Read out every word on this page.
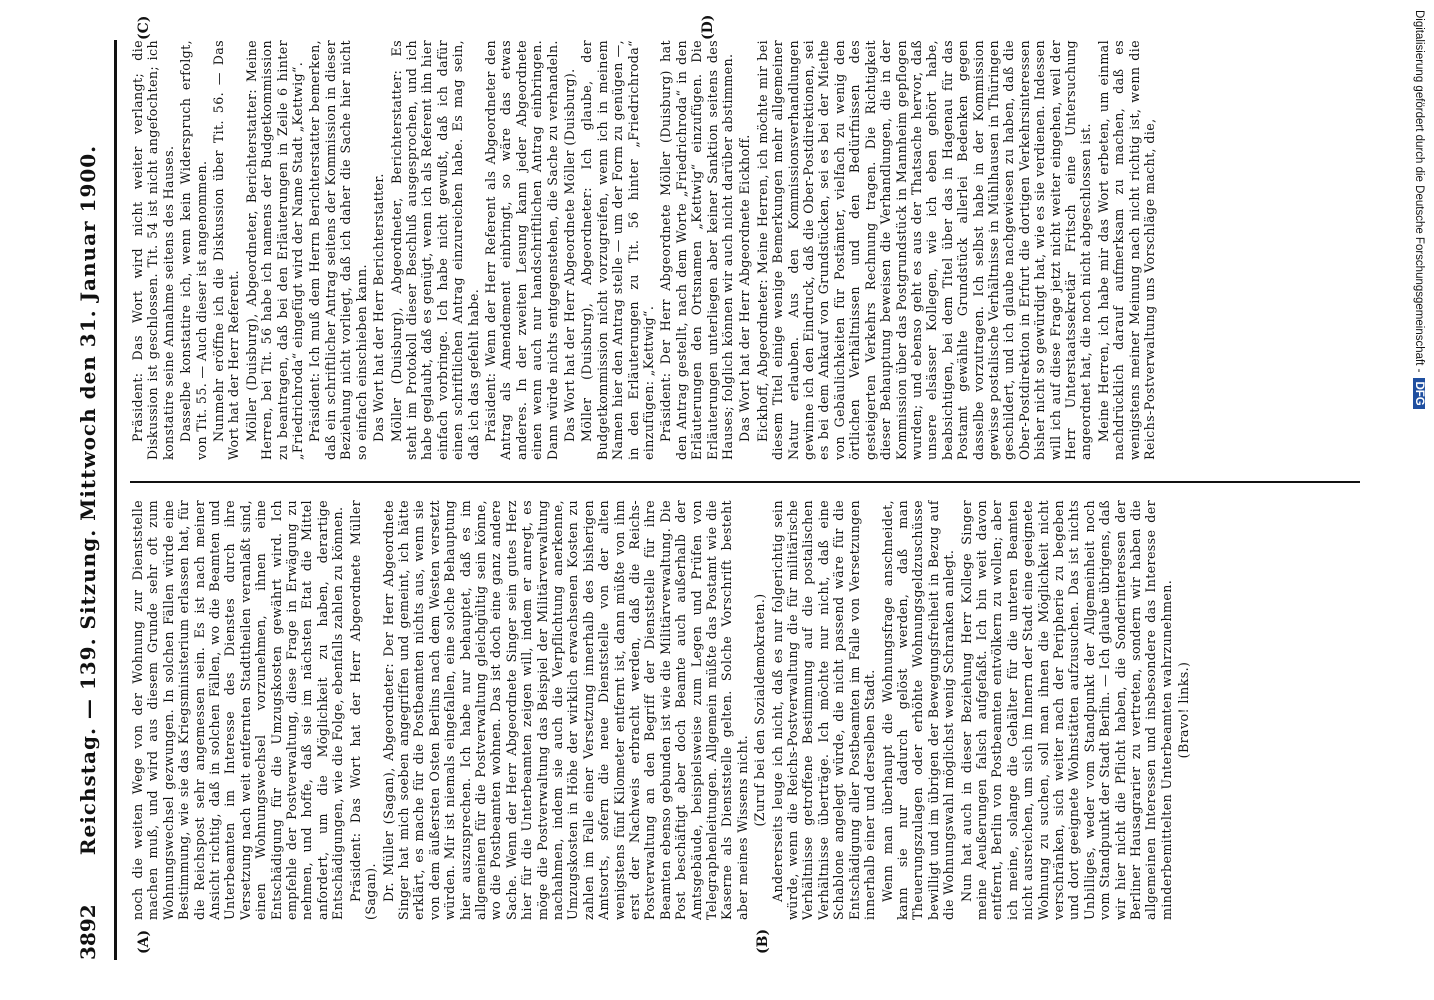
3892
Reichstag. — 139. Sitzung. Mittwoch den 31. Januar 1900.
(A)	(B)
(C)	(D)

noch die weiten Wege von der Wohnung zur Dienststelle machen muß, und wird aus diesem Grunde sehr oft zum Wohnungswechsel gezwungen. In solchen Fällen würde eine Bestimmung, wie sie das Kriegsministerium erlassen hat, für die Reichspost sehr angemessen sein. Es ist nach meiner Ansicht richtig, daß in solchen Fällen, wo die Beamten und Unterbeamten im Interesse des Dienstes durch ihre Versetzung nach weit entfernten Stadttheilen veranlaßt sind, einen Wohnungswechsel vorzunehmen, ihnen eine Entschädigung für die Umzugskosten gewährt wird. Ich empfehle der Postverwaltung, diese Frage in Erwägung zu nehmen, und hoffe, daß sie im nächsten Etat die Mittel anfordert, um die Möglichkeit zu haben, derartige Entschädigungen, wie die Folge, ebenfalls zahlen zu können. Präsident: Das Wort hat der Herr Abgeordnete Müller (Sagan). Dr. Müller (Sagan), Abgeordneter: Der Herr Abgeordnete Singer hat mich soeben angegriffen und gemeint, ich hätte erklärt, es mache für die Postbeamten nichts aus, wenn sie von dem äußersten Osten Berlins nach dem Westen versetzt würden. Mir ist niemals eingefallen, eine solche Behauptung hier auszusprechen. Ich habe nur behauptet, daß es im allgemeinen für die Postverwaltung gleichgültig sein könne, wo die Postbeamten wohnen. Das ist doch eine ganz andere Sache. Wenn der Herr Abgeordnete Singer sein gutes Herz hier für die Unterbeamten zeigen will, indem er anregt, es möge die Postverwaltung das Beispiel der Militärverwaltung nachahmen, indem sie auch die Verpflichtung anerkenne, Umzugskosten in Höhe der wirklich erwachsenen Kosten zu zahlen im Falle einer Versetzung innerhalb des bisherigen Amtsorts, sofern die neue Dienststelle von der alten wenigstens fünf Kilometer entfernt ist, dann müßte von ihm erst der Nachweis erbracht werden, daß die Reichs-Postverwaltung an den Begriff der Dienststelle für ihre Beamten ebenso gebunden ist wie die Militärverwaltung. Die Post beschäftigt aber doch Beamte auch außerhalb der Amtsgebäude, beispielsweise zum Legen und Prüfen von Telegraphenleitungen. Allgemein müßte das Postamt wie die Kaserne als Dienststelle gelten. Solche Vorschrift besteht aber meines Wissens nicht.

(Zuruf bei den Sozialdemokraten.) Andererseits leuge ich nicht, daß es nur folgerichtig sein würde, wenn die Reichs-Postverwaltung die für militärische Verhältnisse getroffene Bestimmung auf die postalischen Verhältnisse überträge. Ich möchte nur nicht, daß eine Schablone angelegt würde, die nicht passend wäre für die Entschädigung aller Postbeamten im Falle von Versetzungen innerhalb einer und derselben Stadt. Wenn man überhaupt die Wohnungsfrage anschneidet, kann sie nur dadurch gelöst werden, daß man Theuerungszulagen oder erhöhte Wohnungsgeldzuschüsse bewilligt und im übrigen der Bewegungsfreiheit in Bezug auf die Wohnungswahl möglichst wenig Schranken anlegt. Nun hat auch in dieser Beziehung Herr Kollege Singer meine Aeußerungen falsch aufgefaßt. Ich bin weit davon entfernt, Berlin von Postbeamten entvölkern zu wollen; aber ich meine, solange die Gehälter für die unteren Beamten nicht ausreichen, um sich im Innern der Stadt eine geeignete Wohnung zu suchen, soll man ihnen die Möglichkeit nicht verschränken, sich weiter nach der Peripherie zu begeben und dort geeignete Wohnstätten aufzusuchen. Das ist nichts Unbilliges, weder vom Standpunkt der Allgemeinheit noch vom Standpunkt der Stadt Berlin. — Ich glaube übrigens, daß wir hier nicht die Pflicht haben, die Sonderinteressen der Berliner Hausagrarier zu vertreten, sondern wir haben die allgemeinen Interessen und insbesondere das Interesse der minderbemittelten Unterbeamten wahrzunehmen. (Bravo! links.)

Präsident: Das Wort wird nicht weiter verlangt; die Diskussion ist geschlossen. Tit. 54 ist nicht angefochten; ich konstatire seine Annahme seitens des Hauses. Dasselbe konstatire ich, wenn kein Widerspruch erfolgt, von Tit. 55. — Auch dieser ist angenommen. Nunmehr eröffne ich die Diskussion über Tit. 56. — Das Wort hat der Herr Referent. Möller (Duisburg), Abgeordneter, Berichterstatter: Meine Herren, bei Tit. 56 habe ich namens der Budgetkommission zu beantragen, daß bei den Erläuterungen in Zeile 6 hinter „Friedrichroda“ eingefügt wird der Name Stadt „Kettwig“. Präsident: Ich muß dem Herrn Berichterstatter bemerken, daß ein schriftlicher Antrag seitens der Kommission in dieser Beziehung nicht vorliegt, daß ich daher die Sache hier nicht so einfach einschieben kann. Das Wort hat der Herr Berichterstatter. Möller (Duisburg), Abgeordneter, Berichterstatter: Es steht im Protokoll dieser Beschluß ausgesprochen, und ich habe geglaubt, daß es genügt, wenn ich als Referent ihn hier einfach vorbringe. Ich habe nicht gewußt, daß ich dafür einen schriftlichen Antrag einzureichen habe. Es mag sein, daß ich das gefehlt habe. Präsident: Wenn der Herr Referent als Abgeordneter den Antrag als Amendement einbringt, so wäre das etwas anderes. In der zweiten Lesung kann jeder Abgeordnete einen wenn auch nur handschriftlichen Antrag einbringen. Dann würde nichts entgegenstehen, die Sache zu verhandeln. Das Wort hat der Herr Abgeordnete Möller (Duisburg). Möller (Duisburg), Abgeordneter: Ich glaube, der Budgetkommission nicht vorzugreifen, wenn ich in meinem Namen hier den Antrag stelle — um der Form zu genügen —, in den Erläuterungen zu Tit. 56 hinter „Friedrichroda“ einzufügen: „Kettwig“. Präsident: Der Herr Abgeordnete Möller (Duisburg) hat den Antrag gestellt, nach dem Worte „Friedrichroda“ in den Erläuterungen den Ortsnamen „Kettwig“ einzufügen. Die Erläuterungen unterliegen aber keiner Sanktion seitens des Hauses; folglich können wir auch nicht darüber abstimmen. Das Wort hat der Herr Abgeordnete Eickhoff. Eickhoff, Abgeordneter: Meine Herren, ich möchte mir bei diesem Titel einige wenige Bemerkungen mehr allgemeiner Natur erlauben. Aus den Kommissionsverhandlungen gewinne ich den Eindruck, daß die Ober-Postdirektionen, sei es bei dem Ankauf von Grundstücken, sei es bei der Miethe von Gebäulichkeiten für Postämter, vielfach zu wenig den örtlichen Verhältnissen und den Bedürfnissen des gesteigerten Verkehrs Rechnung tragen. Die Richtigkeit dieser Behauptung beweisen die Verhandlungen, die in der Kommission über das Postgrundstück in Mannheim gepflogen wurden; und ebenso geht es aus der Thatsache hervor, daß unsere elsässer Kollegen, wie ich eben gehört habe, beabsichtigen, bei dem Titel über das in Hagenau für das Postamt gewählte Grundstück allerlei Bedenken gegen dasselbe vorzutragen. Ich selbst habe in der Kommission gewisse postalische Verhältnisse in Mühlhausen in Thüringen geschildert, und ich glaube nachgewiesen zu haben, daß die Ober-Postdirektion in Erfurt die dortigen Verkehrsinteressen bisher nicht so gewürdigt hat, wie es sie verdienen. Indessen will ich auf diese Frage jetzt nicht weiter eingehen, weil der Herr Unterstaatssekretär Fritsch eine Untersuchung angeordnet hat, die noch nicht abgeschlossen ist. Meine Herren, ich habe mir das Wort erbeten, um einmal nachdrücklich darauf aufmerksam zu machen, daß es wenigstens meiner Meinung nach nicht richtig ist, wenn die Reichs-Postverwaltung uns Vorschläge macht, die,	Digitalisierung gefördert durch die Deutsche Forschungsgemeinschaft -DFG
